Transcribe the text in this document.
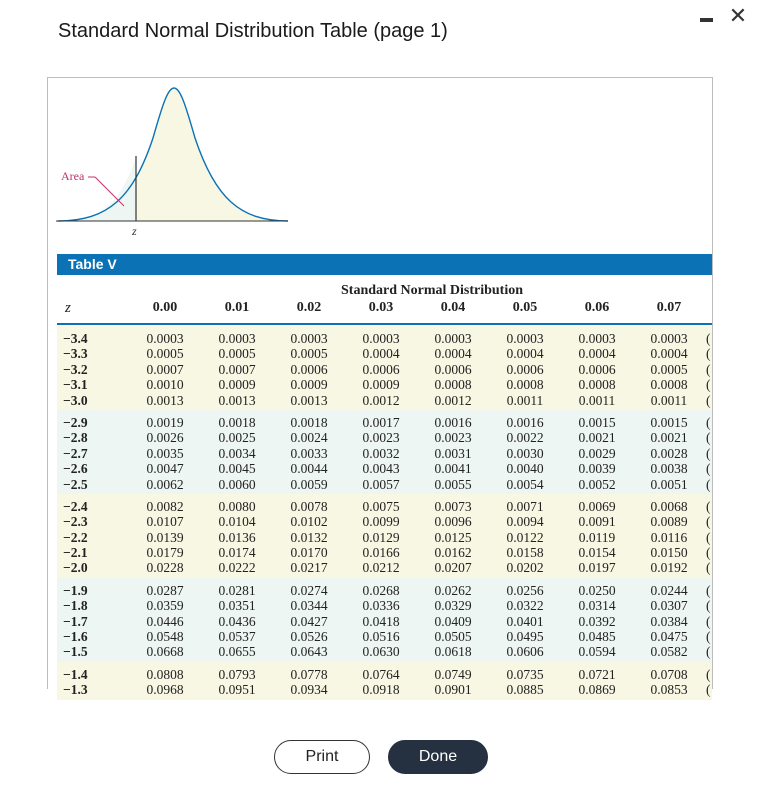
Standard Normal Distribution Table (page 1)
✕
Area
z
Table V
Standard Normal Distribution
z	0.00	0.01	0.02	0.03	0.04	0.05	0.06	0.07
−3.4	0.0003	0.0003	0.0003	0.0003	0.0003	0.0003	0.0003	0.0003	(
−3.3	0.0005	0.0005	0.0005	0.0004	0.0004	0.0004	0.0004	0.0004	(
−3.2	0.0007	0.0007	0.0006	0.0006	0.0006	0.0006	0.0006	0.0005	(
−3.1	0.0010	0.0009	0.0009	0.0009	0.0008	0.0008	0.0008	0.0008	(
−3.0	0.0013	0.0013	0.0013	0.0012	0.0012	0.0011	0.0011	0.0011	(
−2.9	0.0019	0.0018	0.0018	0.0017	0.0016	0.0016	0.0015	0.0015	(
−2.8	0.0026	0.0025	0.0024	0.0023	0.0023	0.0022	0.0021	0.0021	(
−2.7	0.0035	0.0034	0.0033	0.0032	0.0031	0.0030	0.0029	0.0028	(
−2.6	0.0047	0.0045	0.0044	0.0043	0.0041	0.0040	0.0039	0.0038	(
−2.5	0.0062	0.0060	0.0059	0.0057	0.0055	0.0054	0.0052	0.0051	(
−2.4	0.0082	0.0080	0.0078	0.0075	0.0073	0.0071	0.0069	0.0068	(
−2.3	0.0107	0.0104	0.0102	0.0099	0.0096	0.0094	0.0091	0.0089	(
−2.2	0.0139	0.0136	0.0132	0.0129	0.0125	0.0122	0.0119	0.0116	(
−2.1	0.0179	0.0174	0.0170	0.0166	0.0162	0.0158	0.0154	0.0150	(
−2.0	0.0228	0.0222	0.0217	0.0212	0.0207	0.0202	0.0197	0.0192	(
−1.9	0.0287	0.0281	0.0274	0.0268	0.0262	0.0256	0.0250	0.0244	(
−1.8	0.0359	0.0351	0.0344	0.0336	0.0329	0.0322	0.0314	0.0307	(
−1.7	0.0446	0.0436	0.0427	0.0418	0.0409	0.0401	0.0392	0.0384	(
−1.6	0.0548	0.0537	0.0526	0.0516	0.0505	0.0495	0.0485	0.0475	(
−1.5	0.0668	0.0655	0.0643	0.0630	0.0618	0.0606	0.0594	0.0582	(
−1.4	0.0808	0.0793	0.0778	0.0764	0.0749	0.0735	0.0721	0.0708	(
−1.3	0.0968	0.0951	0.0934	0.0918	0.0901	0.0885	0.0869	0.0853	(
Print	Done
